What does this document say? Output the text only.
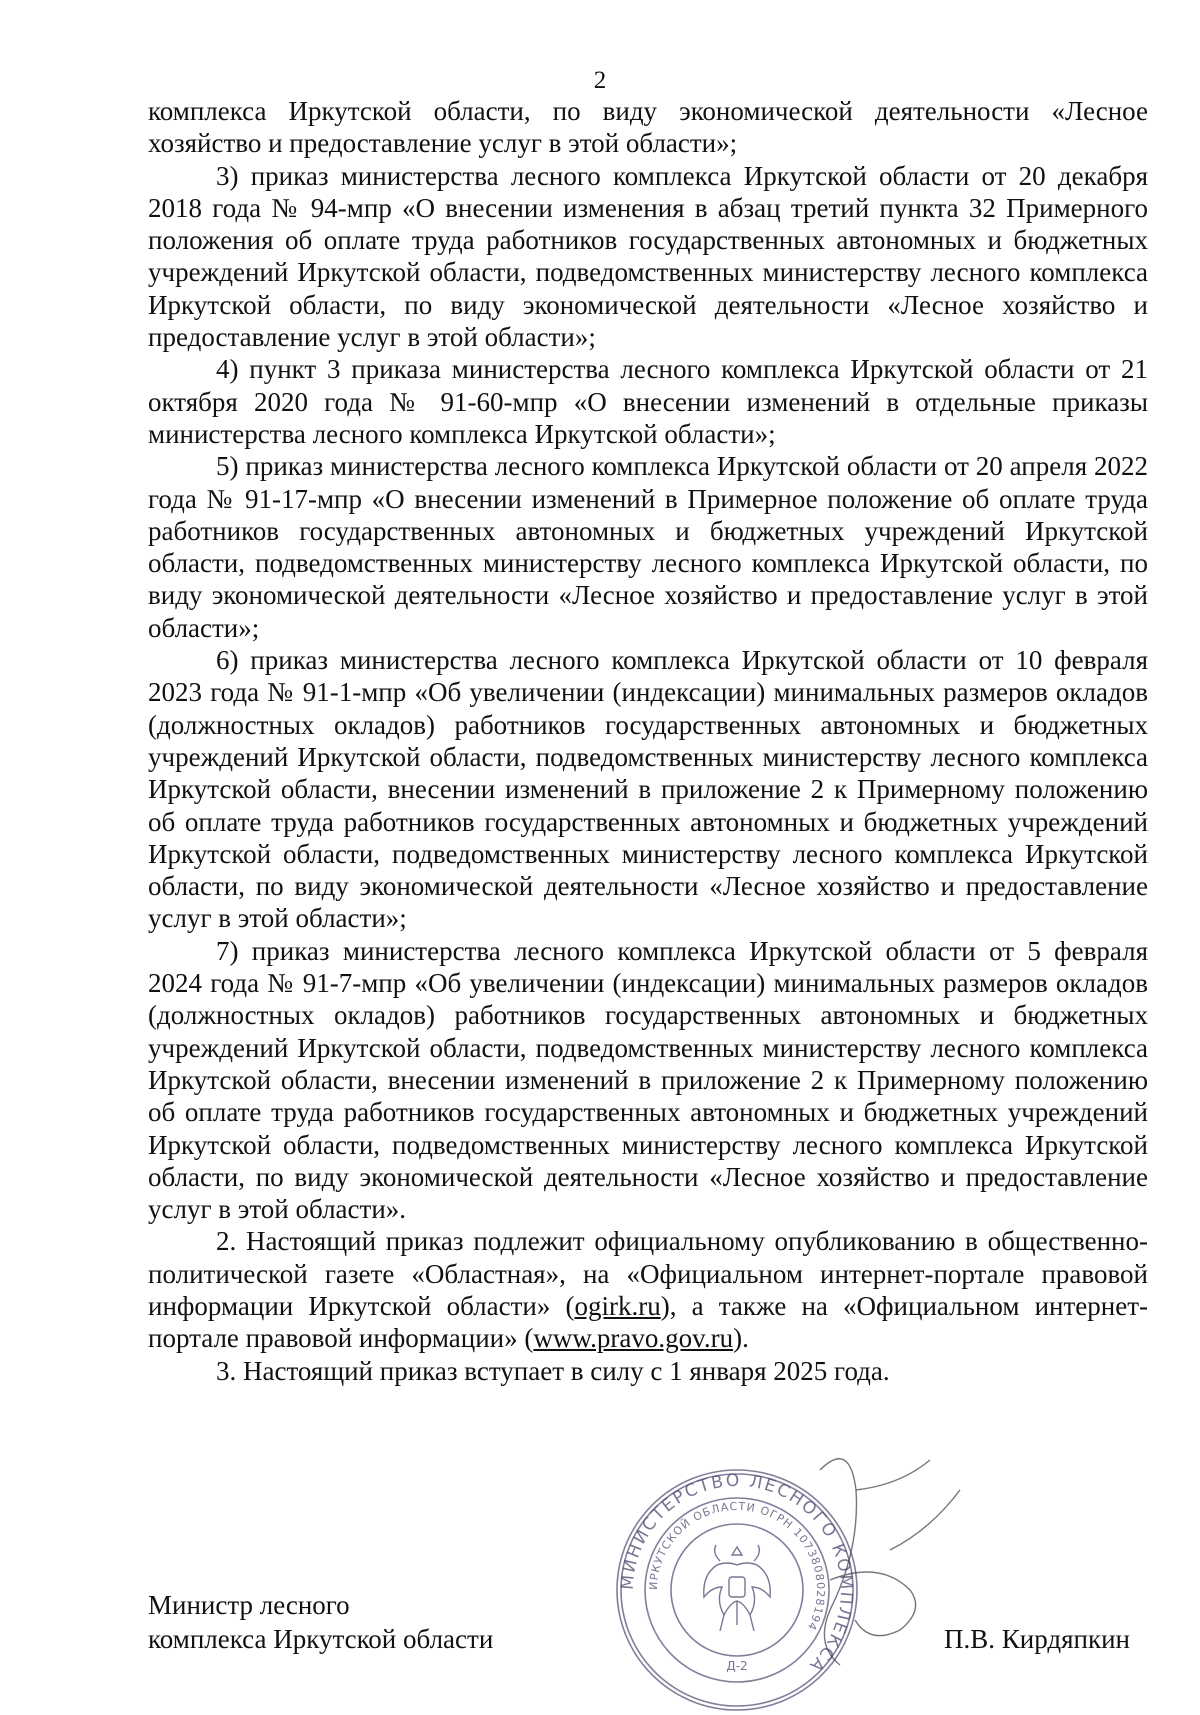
2

комплекса Иркутской области, по виду экономической деятельности «Лесное хозяйство и предоставление услуг в этой области»;

3) приказ министерства лесного комплекса Иркутской области от 20 декабря 2018 года № 94-мпр «О внесении изменения в абзац третий пункта 32 Примерного положения об оплате труда работников государственных автономных и бюджетных учреждений Иркутской области, подведомственных министерству лесного комплекса Иркутской области, по виду экономической деятельности «Лесное хозяйство и предоставление услуг в этой области»;

4) пункт 3 приказа министерства лесного комплекса Иркутской области от 21 октября 2020 года № 91-60-мпр «О внесении изменений в отдельные приказы министерства лесного комплекса Иркутской области»;

5) приказ министерства лесного комплекса Иркутской области от 20 апреля 2022 года № 91-17-мпр «О внесении изменений в Примерное положение об оплате труда работников государственных автономных и бюджетных учреждений Иркутской области, подведомственных министерству лесного комплекса Иркутской области, по виду экономической деятельности «Лесное хозяйство и предоставление услуг в этой области»;

6) приказ министерства лесного комплекса Иркутской области от 10 февраля 2023 года № 91-1-мпр «Об увеличении (индексации) минимальных размеров окладов (должностных окладов) работников государственных автономных и бюджетных учреждений Иркутской области, подведомственных министерству лесного комплекса Иркутской области, внесении изменений в приложение 2 к Примерному положению об оплате труда работников государственных автономных и бюджетных учреждений Иркутской области, подведомственных министерству лесного комплекса Иркутской области, по виду экономической деятельности «Лесное хозяйство и предоставление услуг в этой области»;

7) приказ министерства лесного комплекса Иркутской области от 5 февраля 2024 года № 91-7-мпр «Об увеличении (индексации) минимальных размеров окладов (должностных окладов) работников государственных автономных и бюджетных учреждений Иркутской области, подведомственных министерству лесного комплекса Иркутской области, внесении изменений в приложение 2 к Примерному положению об оплате труда работников государственных автономных и бюджетных учреждений Иркутской области, подведомственных министерству лесного комплекса Иркутской области, по виду экономической деятельности «Лесное хозяйство и предоставление услуг в этой области».

2. Настоящий приказ подлежит официальному опубликованию в общественно-политической газете «Областная», на «Официальном интернет-портале правовой информации Иркутской области» (ogirk.ru), а также на «Официальном интернет-портале правовой информации» (www.pravo.gov.ru).

3. Настоящий приказ вступает в силу с 1 января 2025 года.

МИНИСТЕРСТВО ЛЕСНОГО КОМПЛЕКСА
ИРКУТСКОЙ ОБЛАСТИ ОГРН 1073808028194
Д-2
Министр лесного
комплекса Иркутской области	П.В. Кирдяпкин
